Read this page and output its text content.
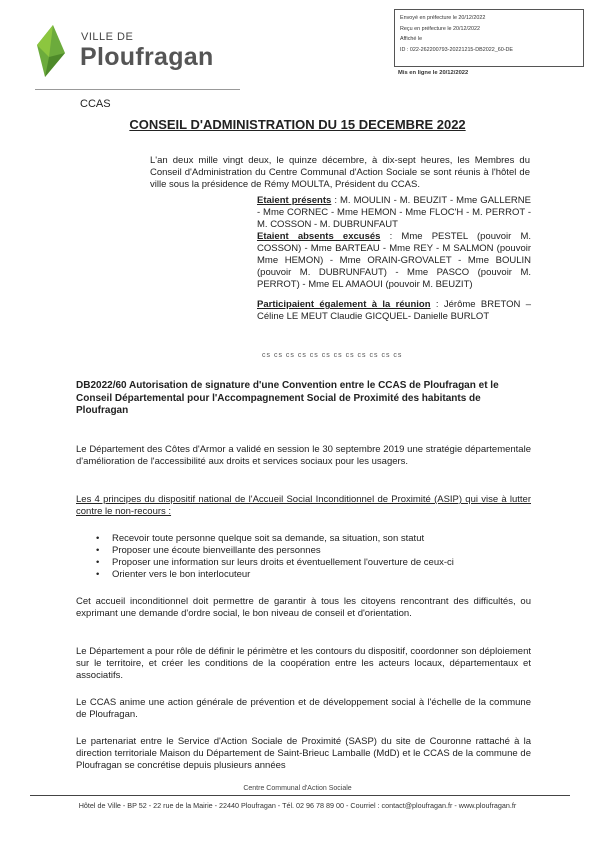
VILLE DE
Ploufragan
Envoyé en préfecture le 20/12/2022
Reçu en préfecture le 20/12/2022
Affiché le
ID : 022-262200793-20221215-DB2022_60-DE
Mis en ligne le 20/12/2022
CCAS
CONSEIL D'ADMINISTRATION DU 15 DECEMBRE 2022

L'an deux mille vingt deux, le quinze décembre, à dix-sept heures, les Membres du Conseil d'Administration du Centre Communal d'Action Sociale se sont réunis à l'hôtel de ville sous la présidence de Rémy MOULTA, Président du CCAS.

Etaient présents : M. MOULIN - M. BEUZIT - Mme GALLERNE - Mme CORNEC - Mme HEMON - Mme FLOC'H - M. PERROT - M. COSSON - M. DUBRUNFAUT

Etaient absents excusés : Mme PESTEL (pouvoir M. COSSON) - Mme BARTEAU - Mme REY - M SALMON (pouvoir Mme HEMON) - Mme ORAIN-GROVALET - Mme BOULIN (pouvoir M. DUBRUNFAUT) - Mme PASCO (pouvoir M. PERROT) - Mme EL AMAOUI (pouvoir M. BEUZIT)

Participaient également à la réunion : Jérôme BRETON – Céline LE MEUT Claudie GICQUEL- Danielle BURLOT

cs cs cs cs cs cs cs cs cs cs cs cs
DB2022/60 Autorisation de signature d'une Convention entre le CCAS de Ploufragan et le Conseil Départemental pour l'Accompagnement Social de Proximité des habitants de Ploufragan

Le Département des Côtes d'Armor a validé en session le 30 septembre 2019 une stratégie départementale d'amélioration de l'accessibilité aux droits et services sociaux pour les usagers.

Les 4 principes du dispositif national de l'Accueil Social Inconditionnel de Proximité (ASIP) qui vise à lutter contre le non-recours :

• Recevoir toute personne quelque soit sa demande, sa situation, son statut
• Proposer une écoute bienveillante des personnes
• Proposer une information sur leurs droits et éventuellement l'ouverture de ceux-ci
• Orienter vers le bon interlocuteur

Cet accueil inconditionnel doit permettre de garantir à tous les citoyens rencontrant des difficultés, ou exprimant une demande d'ordre social, le bon niveau de conseil et d'orientation.

Le Département a pour rôle de définir le périmètre et les contours du dispositif, coordonner son déploiement sur le territoire, et créer les conditions de la coopération entre les acteurs locaux, départementaux et associatifs.

Le CCAS anime une action générale de prévention et de développement social à l'échelle de la commune de Ploufragan.

Le partenariat entre le Service d'Action Sociale de Proximité (SASP) du site de Couronne rattaché à la direction territoriale Maison du Département de Saint-Brieuc Lamballe (MdD) et le CCAS de la commune de Ploufragan se concrétise depuis plusieurs années

Centre Communal d'Action Sociale
Hôtel de Ville - BP 52 - 22 rue de la Mairie - 22440 Ploufragan - Tél. 02 96 78 89 00 - Courriel : contact@ploufragan.fr - www.ploufragan.fr
